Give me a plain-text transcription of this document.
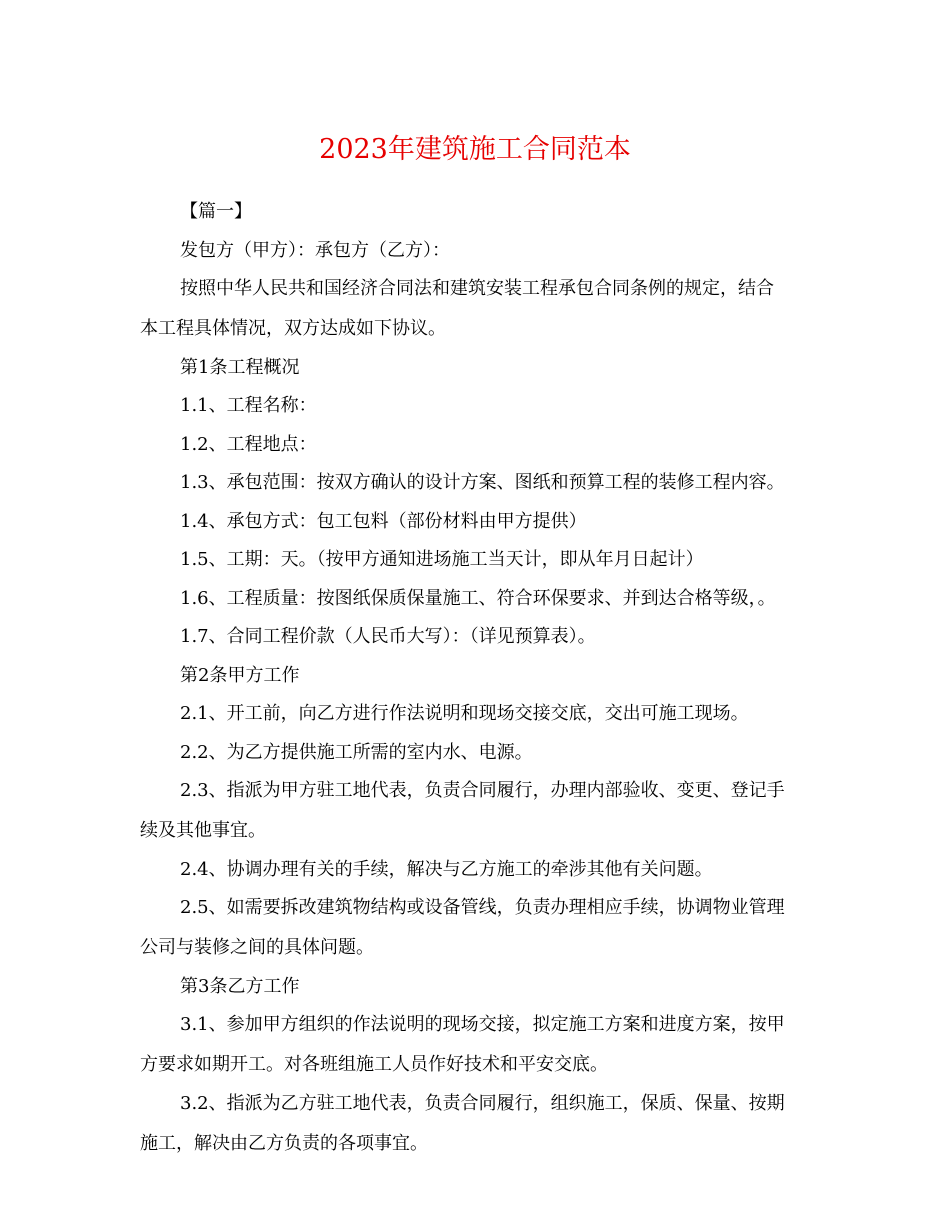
2023年建筑施工合同范本

【篇一】

发包方（甲方）：承包方（乙方）：

按照中华人民共和国经济合同法和建筑安装工程承包合同条例的规定，结合
本工程具体情况，双方达成如下协议。

第1条工程概况

1.1、工程名称：

1.2、工程地点：

1.3、承包范围：按双方确认的设计方案、图纸和预算工程的装修工程内容。

1.4、承包方式：包工包料（部份材料由甲方提供）

1.5、工期：天。（按甲方通知进场施工当天计，即从年月日起计）

1.6、工程质量：按图纸保质保量施工、符合环保要求、并到达合格等级，。

1.7、合同工程价款（人民币大写）：（详见预算表）。

第2条甲方工作

2.1、开工前，向乙方进行作法说明和现场交接交底，交出可施工现场。

2.2、为乙方提供施工所需的室内水、电源。

2.3、指派为甲方驻工地代表，负责合同履行，办理内部验收、变更、登记手
续及其他事宜。

2.4、协调办理有关的手续，解决与乙方施工的牵涉其他有关问题。

2.5、如需要拆改建筑物结构或设备管线，负责办理相应手续，协调物业管理
公司与装修之间的具体问题。

第3条乙方工作

3.1、参加甲方组织的作法说明的现场交接，拟定施工方案和进度方案，按甲
方要求如期开工。对各班组施工人员作好技术和平安交底。

3.2、指派为乙方驻工地代表，负责合同履行，组织施工，保质、保量、按期
施工，解决由乙方负责的各项事宜。
